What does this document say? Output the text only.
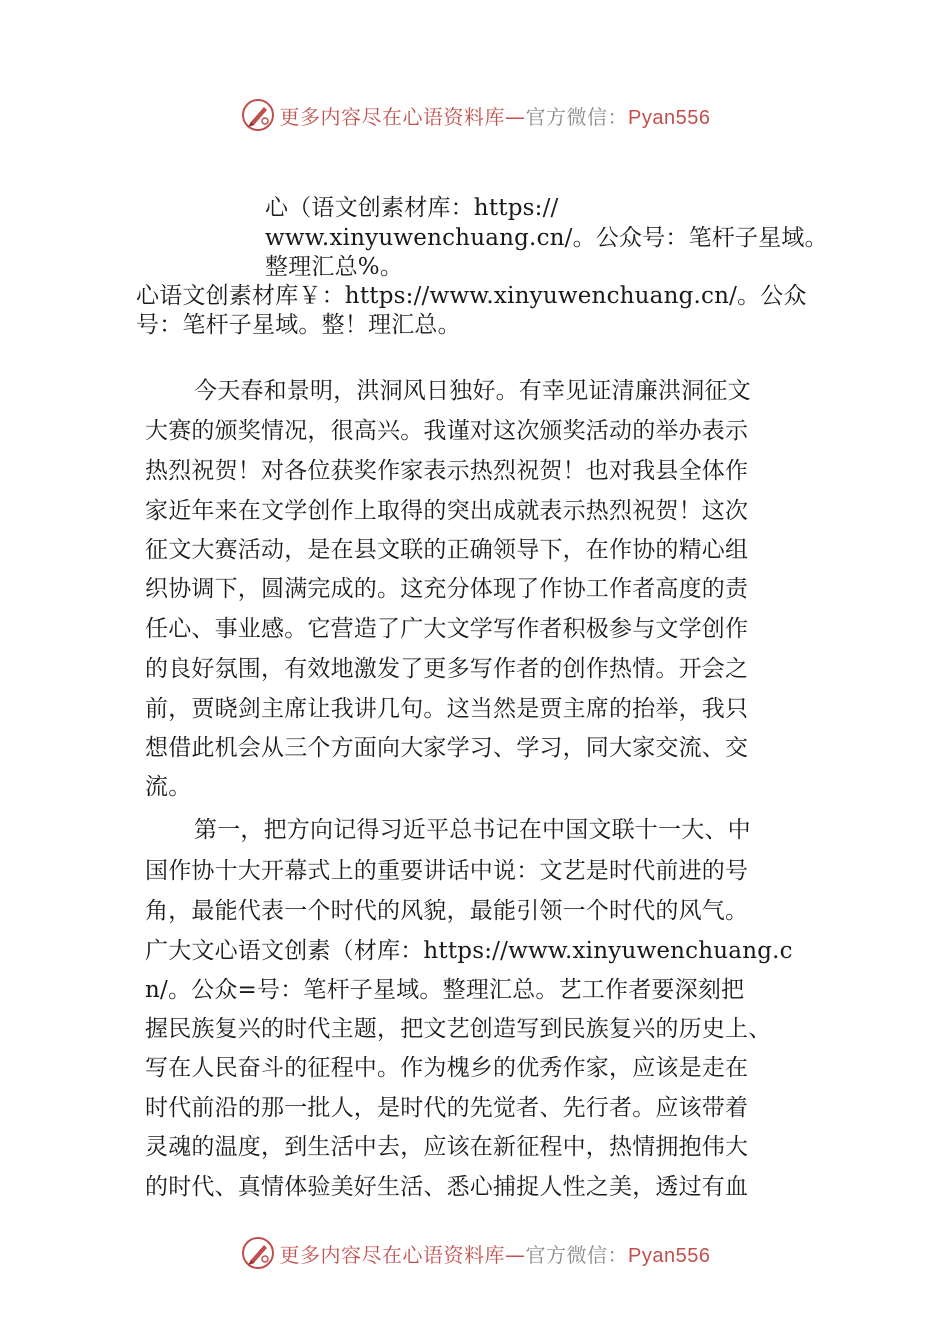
更多内容尽在心语资料库—官方微信：Pyan556
心（语文创素材库：https://
www.xinyuwenchuang.cn/。公众号：笔杆子星域。
整理汇总%。
心语文创素材库￥：https://www.xinyuwenchuang.cn/。公众
号：笔杆子星域。整！理汇总。
今天春和景明，洪洞风日独好。有幸见证清廉洪洞征文
大赛的颁奖情况，很高兴。我谨对这次颁奖活动的举办表示
热烈祝贺！对各位获奖作家表示热烈祝贺！也对我县全体作
家近年来在文学创作上取得的突出成就表示热烈祝贺！这次
征文大赛活动，是在县文联的正确领导下，在作协的精心组
织协调下，圆满完成的。这充分体现了作协工作者高度的责
任心、事业感。它营造了广大文学写作者积极参与文学创作
的良好氛围，有效地激发了更多写作者的创作热情。开会之
前，贾晓剑主席让我讲几句。这当然是贾主席的抬举，我只
想借此机会从三个方面向大家学习、学习，同大家交流、交
流。
第一，把方向记得习近平总书记在中国文联十一大、中
国作协十大开幕式上的重要讲话中说：文艺是时代前进的号
角，最能代表一个时代的风貌，最能引领一个时代的风气。
广大文心语文创素（材库：https://www.xinyuwenchuang.c
n/。公众=号：笔杆子星域。整理汇总。艺工作者要深刻把
握民族复兴的时代主题，把文艺创造写到民族复兴的历史上、
写在人民奋斗的征程中。作为槐乡的优秀作家，应该是走在
时代前沿的那一批人，是时代的先觉者、先行者。应该带着
灵魂的温度，到生活中去，应该在新征程中，热情拥抱伟大
的时代、真情体验美好生活、悉心捕捉人性之美，透过有血
更多内容尽在心语资料库—官方微信：Pyan556
